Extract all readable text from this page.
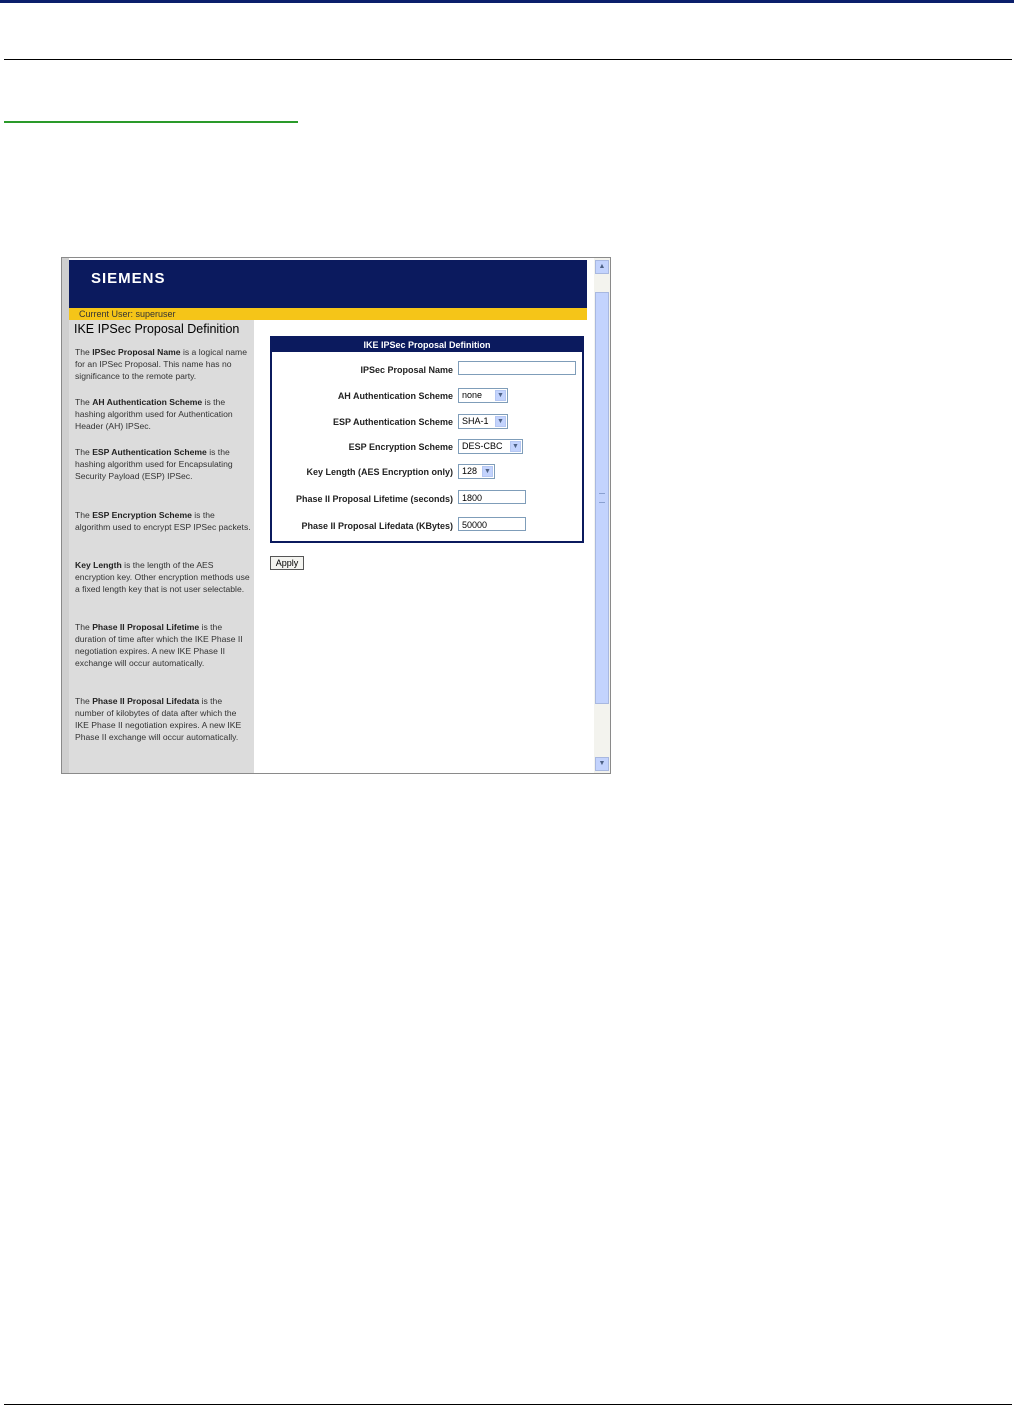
SIEMENS
Current User: superuser
IKE IPSec Proposal Definition

The IPSec Proposal Name is a logical name for an IPSec Proposal. This name has no significance to the remote party.

The AH Authentication Scheme is the hashing algorithm used for Authentication Header (AH) IPSec.

The ESP Authentication Scheme is the hashing algorithm used for Encapsulating Security Payload (ESP) IPSec.

The ESP Encryption Scheme is the algorithm used to encrypt ESP IPSec packets.

Key Length is the length of the AES encryption key. Other encryption methods use a fixed length key that is not user selectable.

The Phase II Proposal Lifetime is the duration of time after which the IKE Phase II negotiation expires. A new IKE Phase II exchange will occur automatically.

The Phase II Proposal Lifedata is the number of kilobytes of data after which the IKE Phase II negotiation expires. A new IKE Phase II exchange will occur automatically.

IKE IPSec Proposal Definition
IPSec Proposal Name
AH Authentication Scheme	none ▼
ESP Authentication Scheme	SHA-1 ▼
ESP Encryption Scheme	DES-CBC ▼
Key Length (AES Encryption only)	128 ▼
Phase II Proposal Lifetime (seconds)	1800
Phase II Proposal Lifedata (KBytes)	50000
Apply
▲
▼
